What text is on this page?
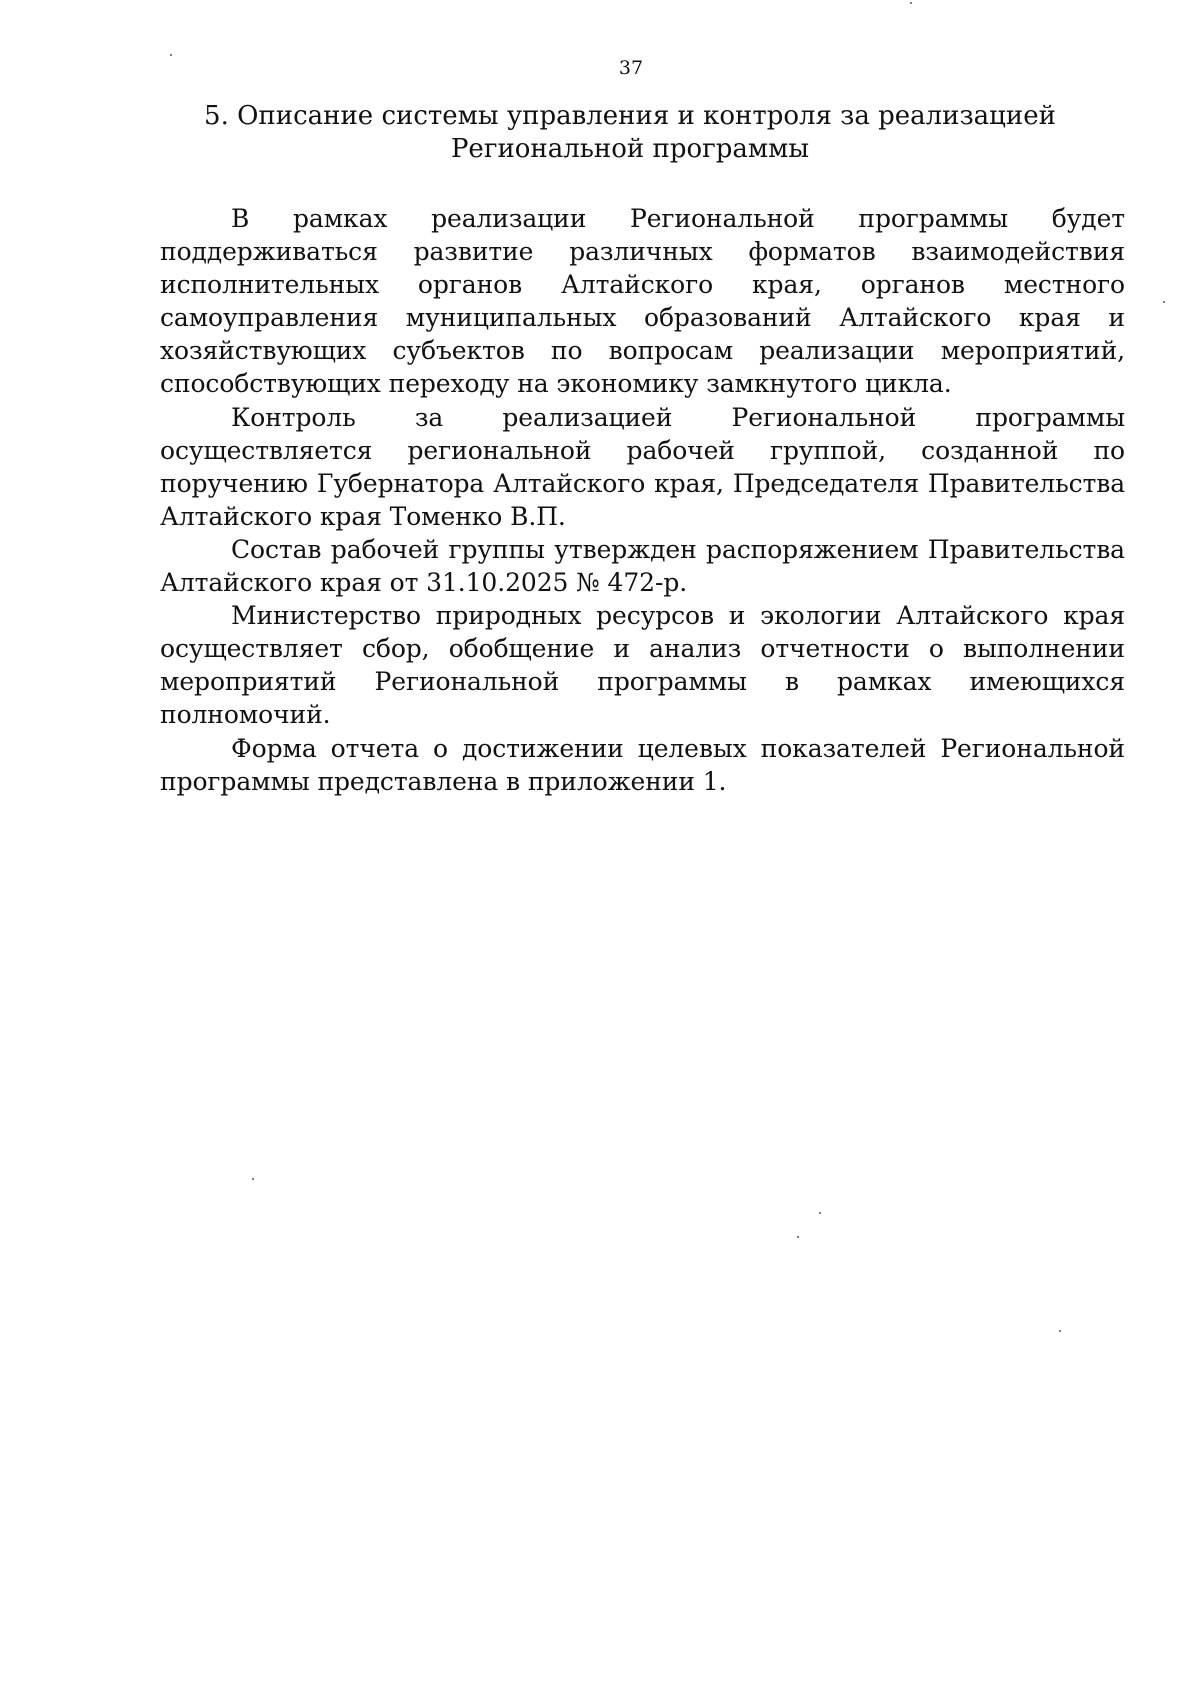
37
5. Описание системы управления и контроля за реализацией Региональной программы

В рамках реализации Региональной программы будет поддерживаться развитие различных форматов взаимодействия исполнительных органов Алтайского края, органов местного самоуправления муниципальных образований Алтайского края и хозяйствующих субъектов по вопросам реализации мероприятий, способствующих переходу на экономику замкнутого цикла.

Контроль за реализацией Региональной программы осуществляется региональной рабочей группой, созданной по поручению Губернатора Алтайского края, Председателя Правительства Алтайского края Томенко В.П.

Состав рабочей группы утвержден распоряжением Правительства Алтайского края от 31.10.2025 № 472-р.

Министерство природных ресурсов и экологии Алтайского края осуществляет сбор, обобщение и анализ отчетности о выполнении мероприятий Региональной программы в рамках имеющихся полномочий.

Форма отчета о достижении целевых показателей Региональной программы представлена в приложении 1.
